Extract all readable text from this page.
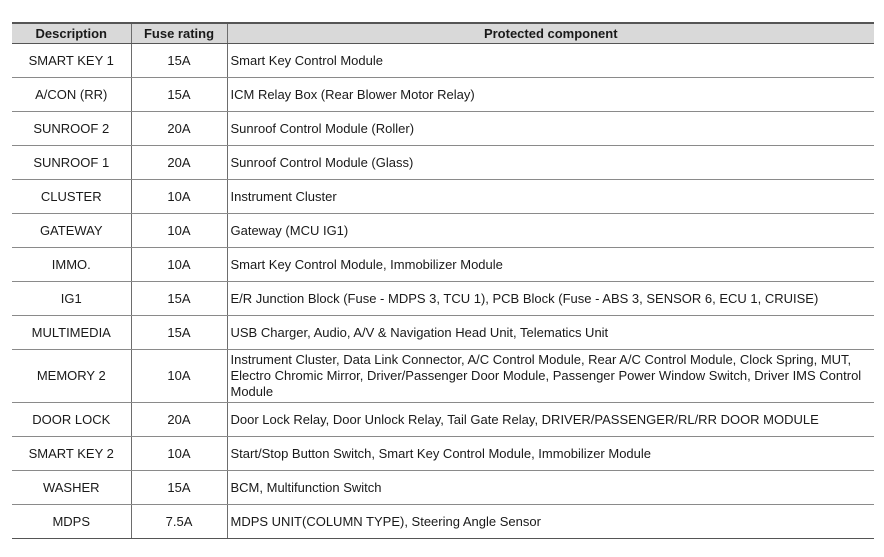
Description	Fuse rating	Protected component
SMART KEY 1	15A	Smart Key Control Module
A/CON (RR)	15A	ICM Relay Box (Rear Blower Motor Relay)
SUNROOF 2	20A	Sunroof Control Module (Roller)
SUNROOF 1	20A	Sunroof Control Module (Glass)
CLUSTER	10A	Instrument Cluster
GATEWAY	10A	Gateway (MCU IG1)
IMMO.	10A	Smart Key Control Module, Immobilizer Module
IG1	15A	E/R Junction Block (Fuse - MDPS 3, TCU 1), PCB Block (Fuse - ABS 3, SENSOR 6, ECU 1, CRUISE)
MULTIMEDIA	15A	USB Charger, Audio, A/V & Navigation Head Unit, Telematics Unit
MEMORY 2	10A	Instrument Cluster, Data Link Connector, A/C Control Module, Rear A/C Control Module, Clock Spring, MUT, Electro Chromic Mirror, Driver/Passenger Door Module, Passenger Power Window Switch, Driver IMS Control Module
DOOR LOCK	20A	Door Lock Relay, Door Unlock Relay, Tail Gate Relay, DRIVER/PASSENGER/RL/RR DOOR MODULE
SMART KEY 2	10A	Start/Stop Button Switch, Smart Key Control Module, Immobilizer Module
WASHER	15A	BCM, Multifunction Switch
MDPS	7.5A	MDPS UNIT(COLUMN TYPE), Steering Angle Sensor
